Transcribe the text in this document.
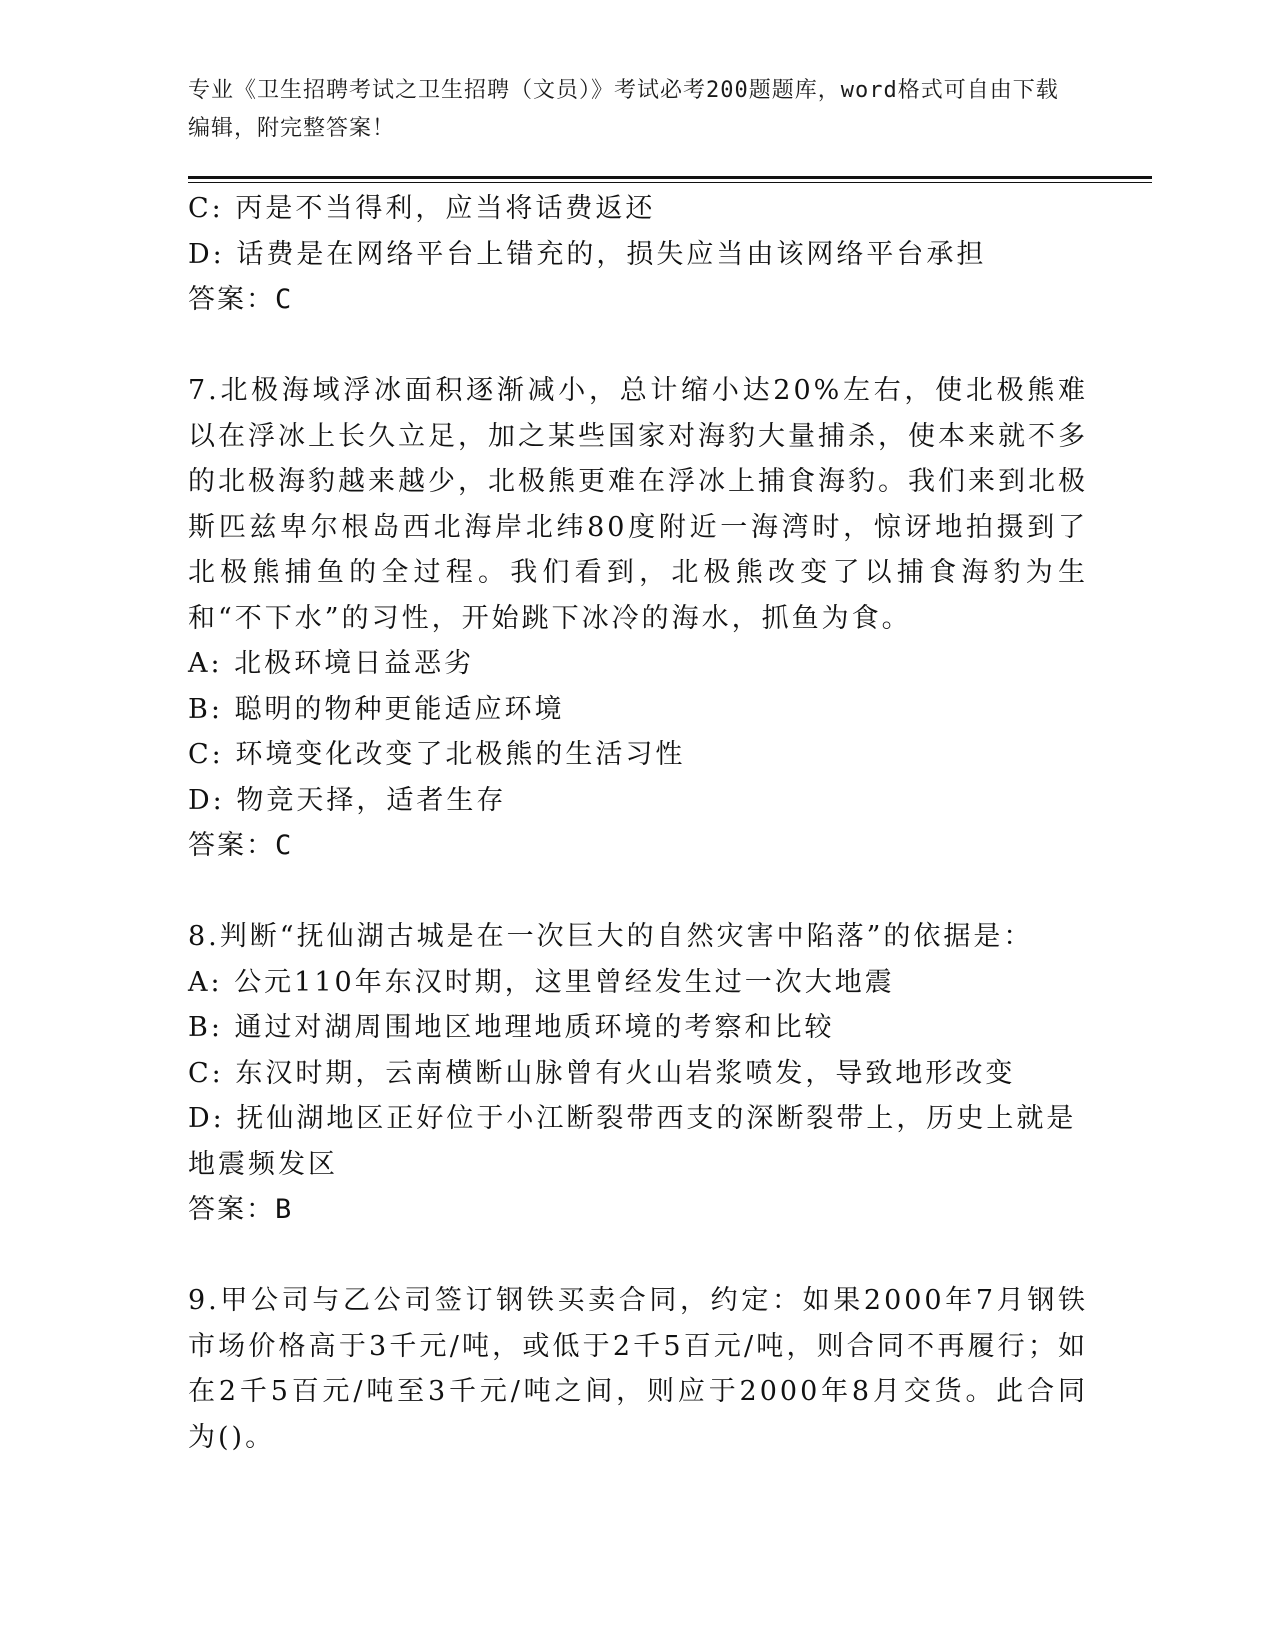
专业《卫生招聘考试之卫生招聘（文员）》考试必考200题题库，word格式可自由下载编辑，附完整答案！
C: 丙是不当得利，应当将话费返还
D: 话费是在网络平台上错充的，损失应当由该网络平台承担
答案：C
7.北极海域浮冰面积逐渐减小，总计缩小达20%左右，使北极熊难以在浮冰上长久立足，加之某些国家对海豹大量捕杀，使本来就不多的北极海豹越来越少，北极熊更难在浮冰上捕食海豹。我们来到北极斯匹兹卑尔根岛西北海岸北纬80度附近一海湾时，惊讶地拍摄到了北极熊捕鱼的全过程。我们看到，北极熊改变了以捕食海豹为生和“不下水”的习性，开始跳下冰冷的海水，抓鱼为食。
A: 北极环境日益恶劣
B: 聪明的物种更能适应环境
C: 环境变化改变了北极熊的生活习性
D: 物竞天择，适者生存
答案：C
8.判断“抚仙湖古城是在一次巨大的自然灾害中陷落”的依据是：
A: 公元110年东汉时期，这里曾经发生过一次大地震
B: 通过对湖周围地区地理地质环境的考察和比较
C: 东汉时期，云南横断山脉曾有火山岩浆喷发，导致地形改变
D: 抚仙湖地区正好位于小江断裂带西支的深断裂带上，历史上就是地震频发区
答案：B
9.甲公司与乙公司签订钢铁买卖合同，约定：如果2000年7月钢铁市场价格高于3千元/吨，或低于2千5百元/吨，则合同不再履行；如在2千5百元/吨至3千元/吨之间，则应于2000年8月交货。此合同为()。
